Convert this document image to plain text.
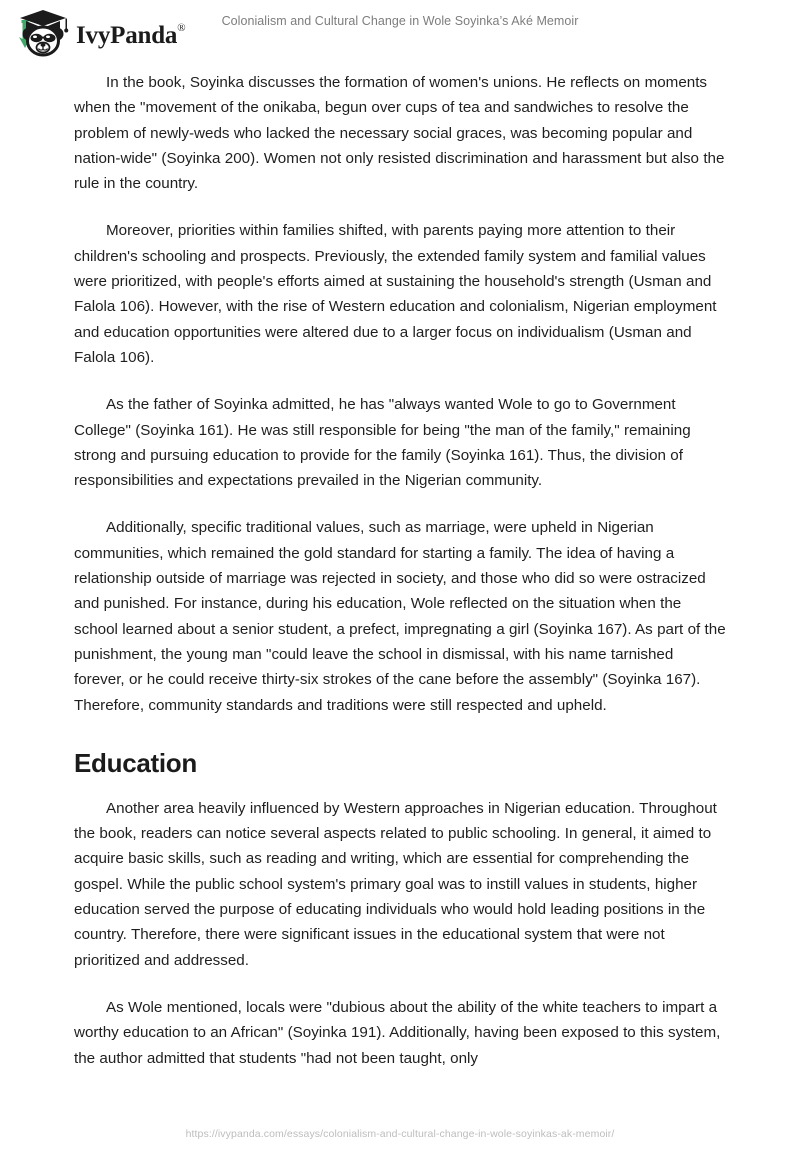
IvyPanda®
Colonialism and Cultural Change in Wole Soyinka’s Aké Memoir

In the book, Soyinka discusses the formation of women's unions. He reflects on moments when the "movement of the onikaba, begun over cups of tea and sandwiches to resolve the problem of newly-weds who lacked the necessary social graces, was becoming popular and nation-wide" (Soyinka 200). Women not only resisted discrimination and harassment but also the rule in the country.

Moreover, priorities within families shifted, with parents paying more attention to their children's schooling and prospects. Previously, the extended family system and familial values were prioritized, with people's efforts aimed at sustaining the household's strength (Usman and Falola 106). However, with the rise of Western education and colonialism, Nigerian employment and education opportunities were altered due to a larger focus on individualism (Usman and Falola 106).

As the father of Soyinka admitted, he has "always wanted Wole to go to Government College" (Soyinka 161). He was still responsible for being "the man of the family," remaining strong and pursuing education to provide for the family (Soyinka 161). Thus, the division of responsibilities and expectations prevailed in the Nigerian community.

Additionally, specific traditional values, such as marriage, were upheld in Nigerian communities, which remained the gold standard for starting a family. The idea of having a relationship outside of marriage was rejected in society, and those who did so were ostracized and punished. For instance, during his education, Wole reflected on the situation when the school learned about a senior student, a prefect, impregnating a girl (Soyinka 167). As part of the punishment, the young man "could leave the school in dismissal, with his name tarnished forever, or he could receive thirty-six strokes of the cane before the assembly" (Soyinka 167). Therefore, community standards and traditions were still respected and upheld.

Education

Another area heavily influenced by Western approaches in Nigerian education. Throughout the book, readers can notice several aspects related to public schooling. In general, it aimed to acquire basic skills, such as reading and writing, which are essential for comprehending the gospel. While the public school system's primary goal was to instill values in students, higher education served the purpose of educating individuals who would hold leading positions in the country. Therefore, there were significant issues in the educational system that were not prioritized and addressed.

As Wole mentioned, locals were "dubious about the ability of the white teachers to impart a worthy education to an African" (Soyinka 191). Additionally, having been exposed to this system, the author admitted that students "had not been taught, only

https://ivypanda.com/essays/colonialism-and-cultural-change-in-wole-soyinkas-ak-memoir/
